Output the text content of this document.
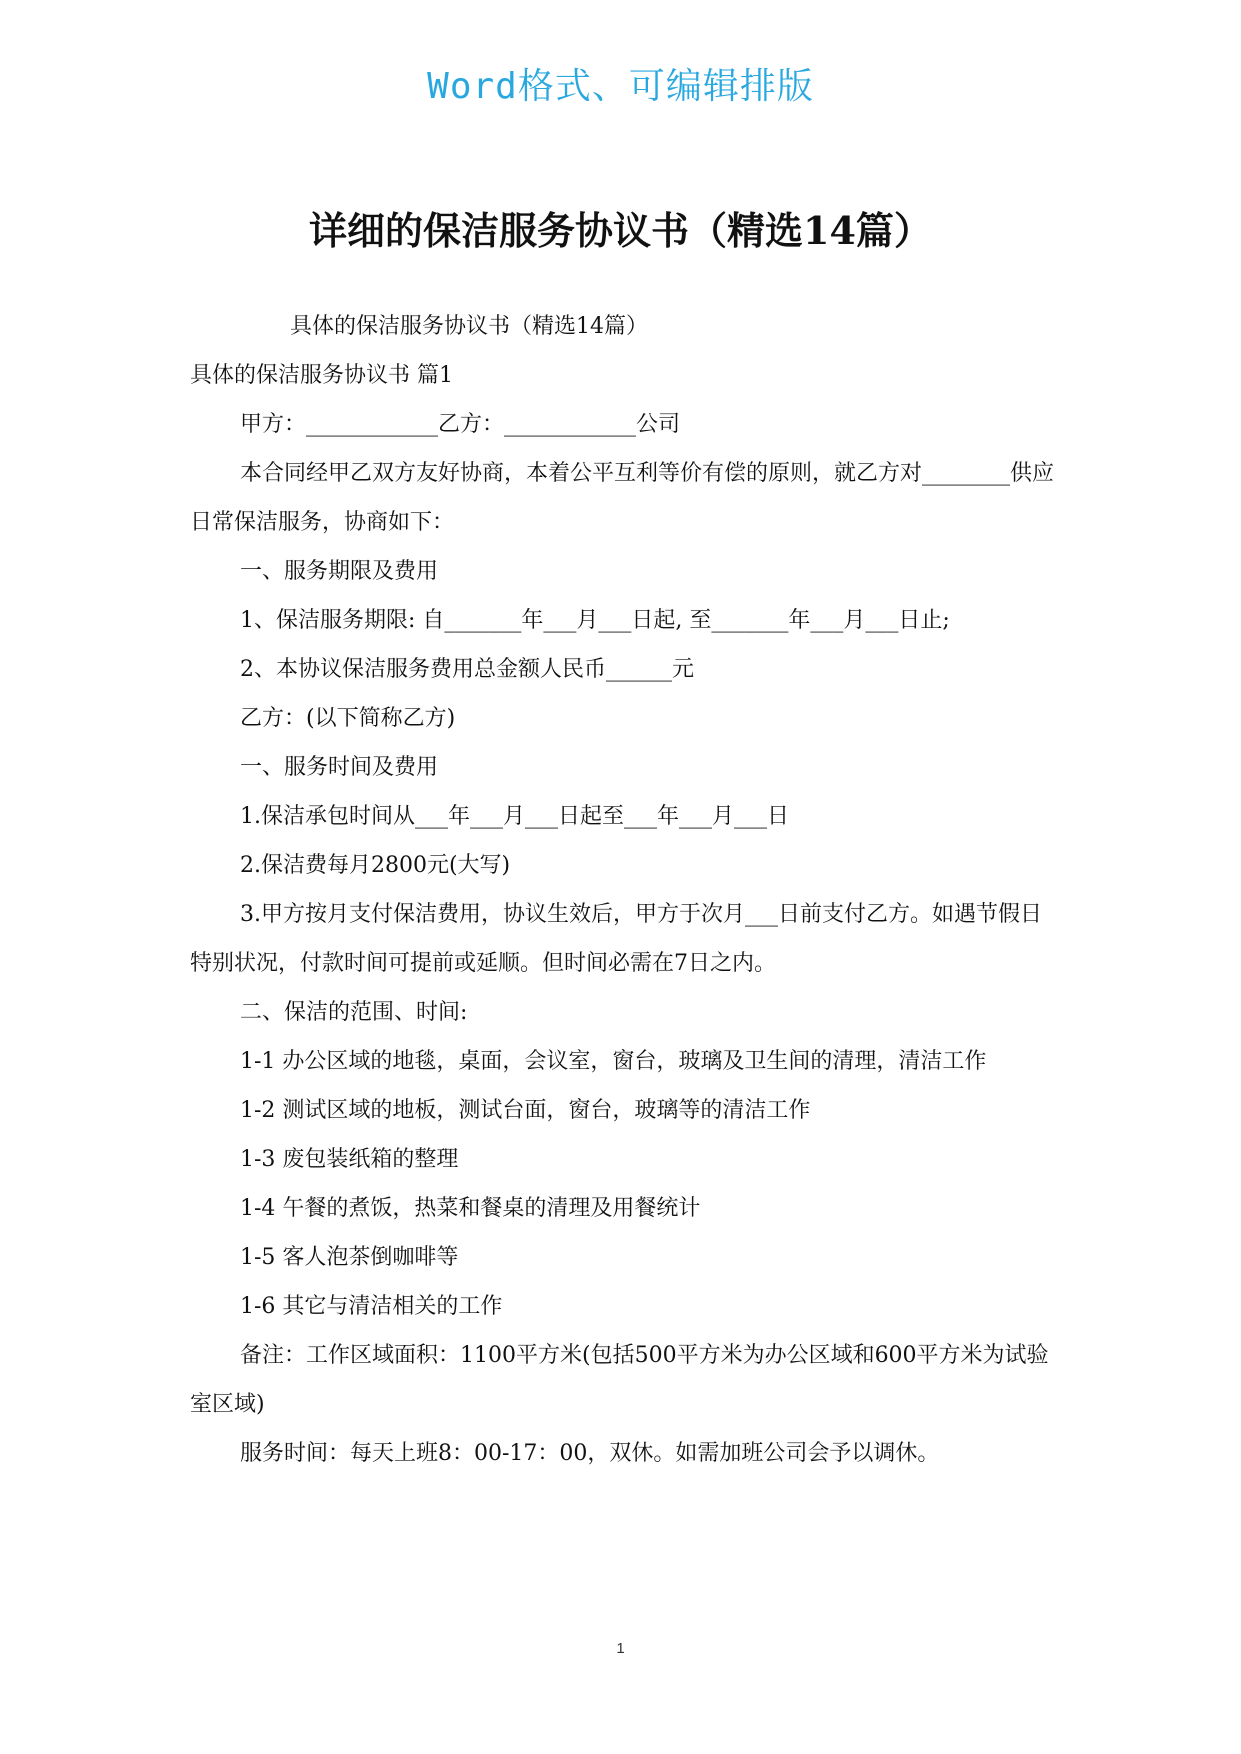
Word格式、可编辑排版
详细的保洁服务协议书（精选14篇）

具体的保洁服务协议书（精选14篇）

具体的保洁服务协议书 篇1

甲方：____________乙方：____________公司

本合同经甲乙双方友好协商，本着公平互利等价有偿的原则，就乙方对________供应日常保洁服务，协商如下：

一、服务期限及费用

1、保洁服务期限: 自_______年___月___日起, 至_______年___月___日止;

2、本协议保洁服务费用总金额人民币______元

乙方：(以下简称乙方)

一、服务时间及费用

1.保洁承包时间从___年___月___日起至___年___月___日

2.保洁费每月2800元(大写)

3.甲方按月支付保洁费用，协议生效后，甲方于次月___日前支付乙方。如遇节假日特别状况，付款时间可提前或延顺。但时间必需在7日之内。

二、保洁的范围、时间:

1-1 办公区域的地毯，桌面，会议室，窗台，玻璃及卫生间的清理，清洁工作

1-2 测试区域的地板，测试台面，窗台，玻璃等的清洁工作

1-3 废包装纸箱的整理

1-4 午餐的煮饭，热菜和餐桌的清理及用餐统计

1-5 客人泡茶倒咖啡等

1-6 其它与清洁相关的工作

备注：工作区域面积：1100平方米(包括500平方米为办公区域和600平方米为试验室区域)

服务时间：每天上班8：00-17：00，双休。如需加班公司会予以调休。

1
